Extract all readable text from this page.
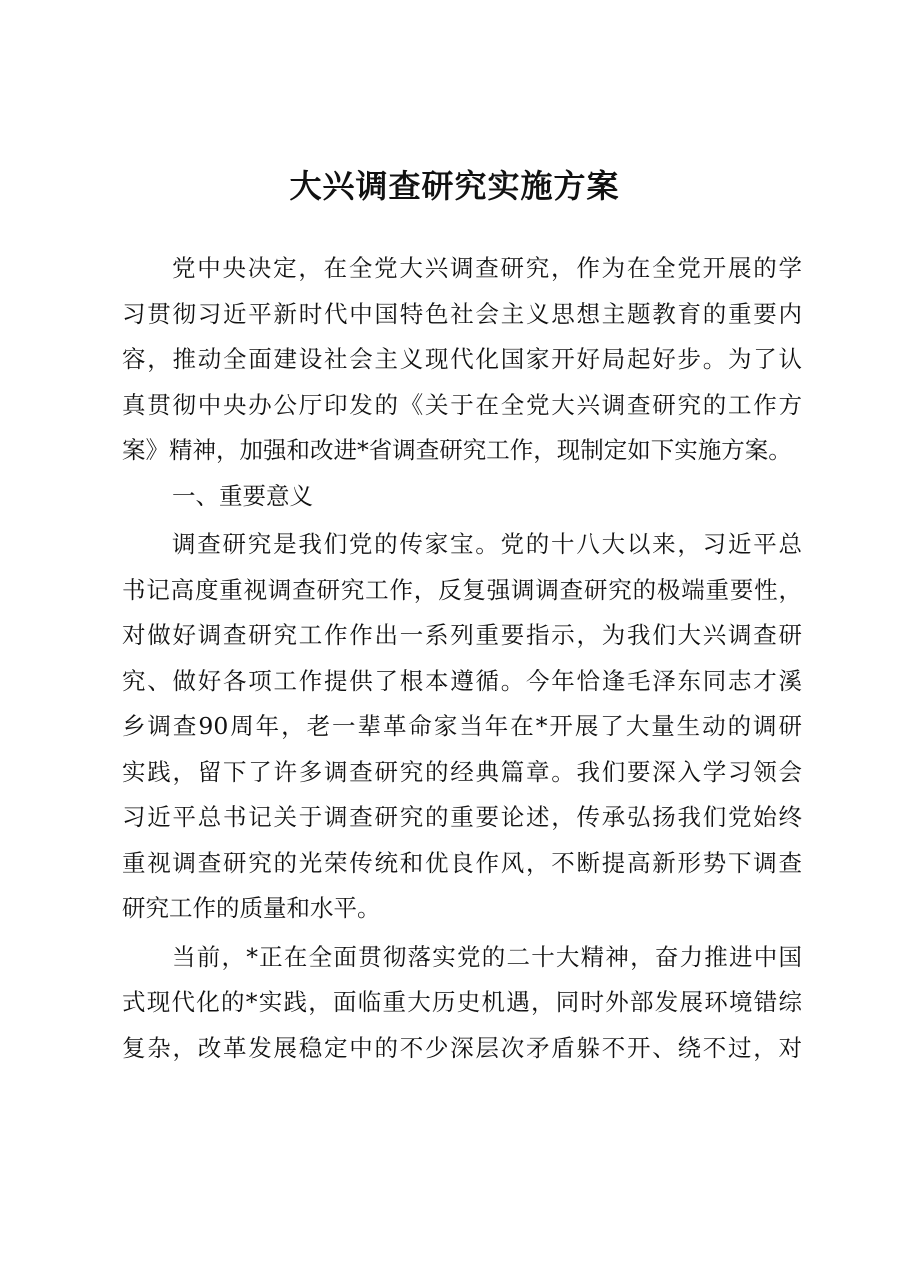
大兴调查研究实施方案
党中央决定，在全党大兴调查研究，作为在全党开展的学
习贯彻习近平新时代中国特色社会主义思想主题教育的重要内
容，推动全面建设社会主义现代化国家开好局起好步。为了认
真贯彻中央办公厅印发的《关于在全党大兴调查研究的工作方
案》精神，加强和改进*省调查研究工作，现制定如下实施方案。
一、重要意义
调查研究是我们党的传家宝。党的十八大以来，习近平总
书记高度重视调查研究工作，反复强调调查研究的极端重要性，
对做好调查研究工作作出一系列重要指示，为我们大兴调查研
究、做好各项工作提供了根本遵循。今年恰逢毛泽东同志才溪
乡调查90周年，老一辈革命家当年在*开展了大量生动的调研
实践，留下了许多调查研究的经典篇章。我们要深入学习领会
习近平总书记关于调查研究的重要论述，传承弘扬我们党始终
重视调查研究的光荣传统和优良作风，不断提高新形势下调查
研究工作的质量和水平。
当前，*正在全面贯彻落实党的二十大精神，奋力推进中国
式现代化的*实践，面临重大历史机遇，同时外部发展环境错综
复杂，改革发展稳定中的不少深层次矛盾躲不开、绕不过，对
